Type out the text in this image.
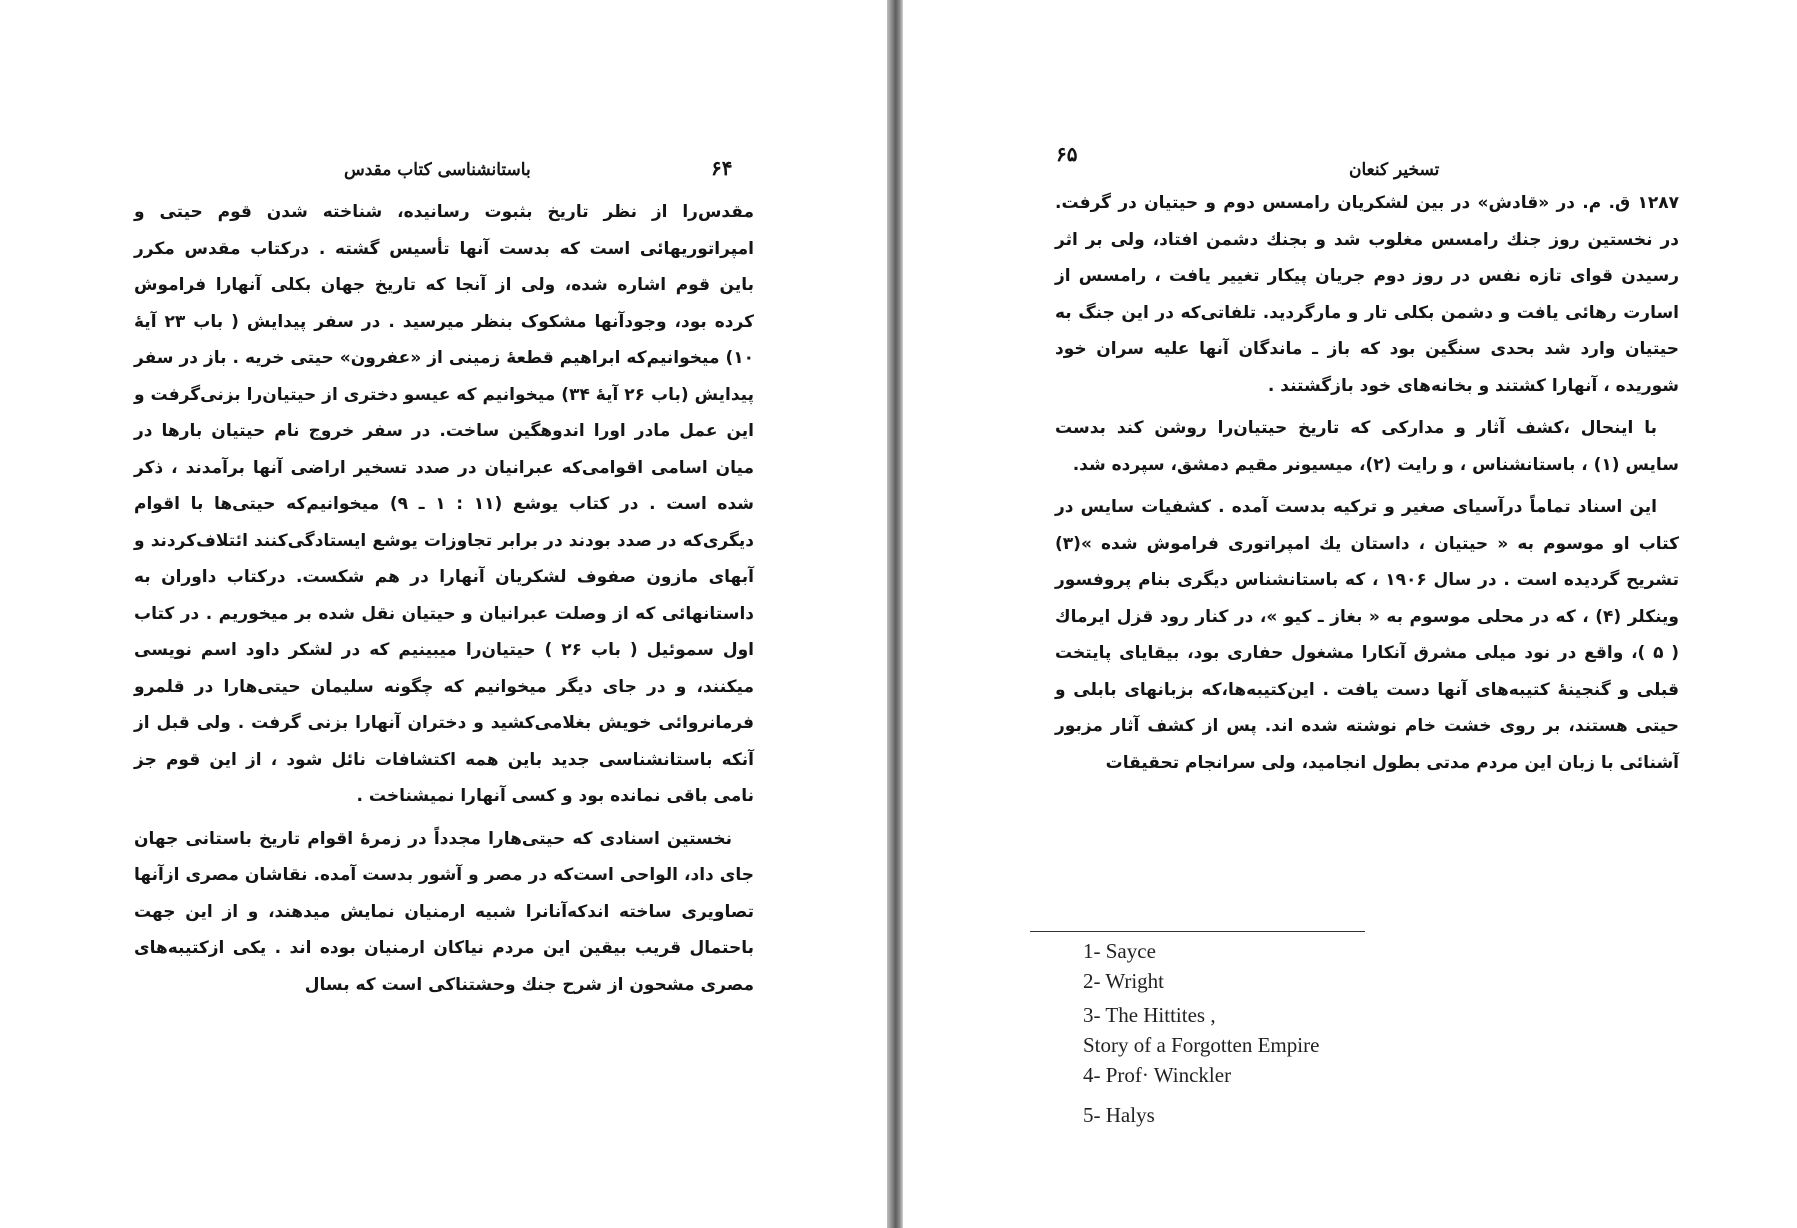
۶۴
باستانشناسی کتاب مقدس

مقدس‌را از نظر تاریخ بثبوت رسانیده، شناخته شدن قوم حیتی و امپراتوریهائی است که بدست آنها تأسیس گشته . درکتاب مقدس مکرر باین قوم اشاره شده، ولی از آنجا که تاریخ جهان بکلی آنهارا فراموش کرده بود، وجودآنها مشکوک بنظر میرسید . در سفر پیدایش ( باب ۲۳ آیهٔ ۱۰) میخوانیم‌که ابراهیم قطعهٔ زمینی از «عفرون» حیتی خریه . باز در سفر پیدایش (باب ۲۶ آیهٔ ۳۴) میخوانیم که عیسو دختری از حیتیان‌را بزنی‌گرفت و این عمل مادر اورا اندوهگین ساخت. در سفر خروج نام حیتیان بارها در میان اسامی اقوامی‌که عبرانیان در صدد تسخیر اراضی آنها برآمدند ، ذکر شده است . در کتاب یوشع (۱۱ : ۱ ـ ۹) میخوانیم‌که حیتی‌ها با اقوام دیگری‌که در صدد بودند در برابر تجاوزات یوشع ایستادگی‌کنند ائتلاف‌کردند و آبهای مازون صفوف لشکریان آنهارا در هم شکست. درکتاب داوران به داستانهائی که از وصلت عبرانیان و حیتیان نقل شده بر میخوریم . در کتاب اول سموئیل ( باب ۲۶ ) حیتیان‌را میبینیم که در لشکر داود اسم نویسی میکنند، و در جای دیگر میخوانیم که چگونه سلیمان حیتی‌هارا در قلمرو فرمانروائی خویش بغلامی‌کشید و دختران آنهارا بزنی گرفت . ولی قبل از آنکه باستانشناسی جدید باین همه اکتشافات نائل شود ، از این قوم جز نامی باقی نمانده بود و کسی آنهارا نمیشناخت .

نخستین اسنادی که حیتی‌هارا مجدداً در زمرهٔ اقوام تاریخ باستانی جهان جای داد، الواحی است‌که در مصر و آشور بدست آمده. نقاشان مصری ازآنها تصاویری ساخته اندکه‌آنانرا شبیه ارمنیان نمایش میدهند، و از این جهت باحتمال قریب بیقین این مردم نیاکان ارمنیان بوده اند . یکی ازکتیبه‌های مصری مشحون از شرح جنك وحشتناکی است که بسال

تسخیر کنعان
۶۵

۱۲۸۷ ق. م. در «قادش» در بین لشکریان رامسس دوم و حیتیان در گرفت. در نخستین روز جنك رامسس مغلوب شد و بجنك دشمن افتاد، ولی بر اثر رسیدن قوای تازه نفس در روز دوم جریان پیکار تغییر یافت ، رامسس از اسارت رهائی یافت و دشمن بکلی تار و مارگردید. تلفاتی‌که در این جنگ به حیتیان وارد شد بحدی سنگین بود که باز ـ ماندگان آنها علیه سران خود شوریده ، آنهارا کشتند و بخانه‌های خود بازگشتند .

با اینحال ،کشف آثار و مدارکی که تاریخ حیتیان‌را روشن کند بدست سایس (۱) ، باستانشناس ، و رایت (۲)، میسیونر مقیم دمشق، سپرده شد.

این اسناد تماماً درآسیای صغیر و ترکیه بدست آمده . کشفیات سایس در کتاب او موسوم به « حیتیان ، داستان یك امپراتوری فراموش شده »(۳) تشریح گردیده است . در سال ۱۹۰۶ ، که باستانشناس دیگری بنام پروفسور وینکلر (۴) ، که در محلی موسوم به « بغاز ـ کیو »، در کنار رود قزل ایرماك ( ۵ )، واقع در نود میلی مشرق آنکارا مشغول حفاری بود، بیقایای پایتخت قبلی و گنجینهٔ کتیبه‌های آنها دست یافت . این‌کتیبه‌ها،که بزبانهای بابلی و حیتی هستند، بر روی خشت خام نوشته شده اند. پس از کشف آثار مزبور آشنائی با زبان این مردم مدتی بطول انجامید، ولی سرانجام تحقیقات

1- Sayce
2- Wright
3- The Hittites ,
Story of a Forgotten Empire
4- Prof· Winckler
5- Halys
